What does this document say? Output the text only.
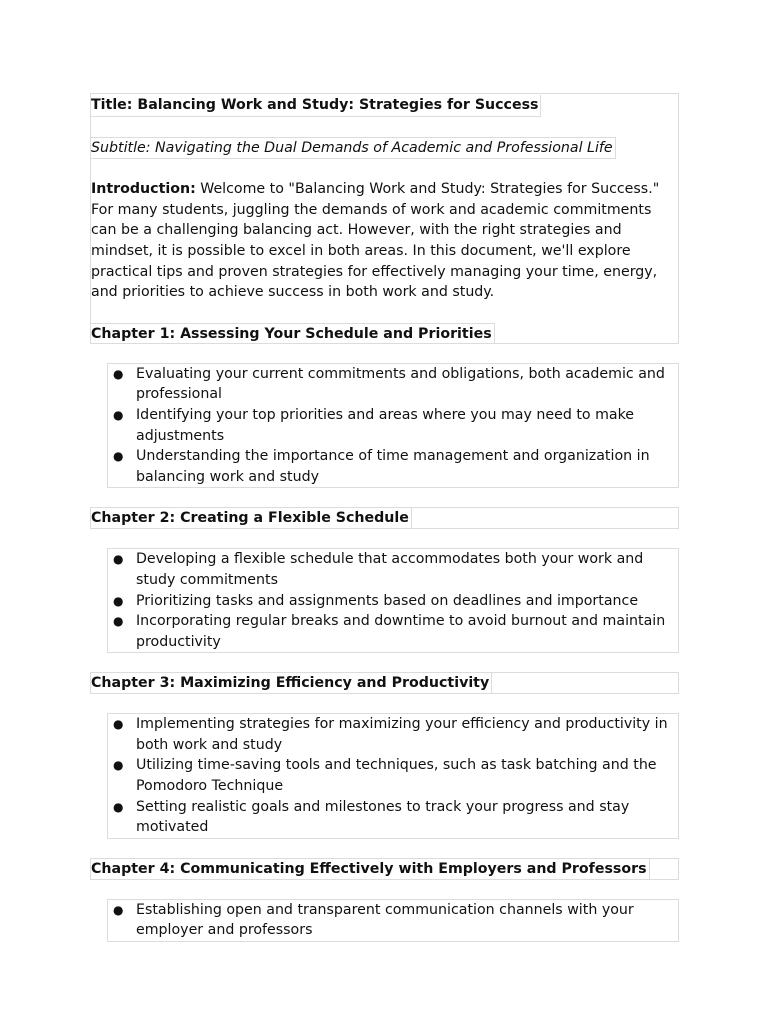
Title: Balancing Work and Study: Strategies for Success
Subtitle: Navigating the Dual Demands of Academic and Professional Life

Introduction: Welcome to "Balancing Work and Study: Strategies for Success." For many students, juggling the demands of work and academic commitments can be a challenging balancing act. However, with the right strategies and mindset, it is possible to excel in both areas. In this document, we'll explore practical tips and proven strategies for effectively managing your time, energy, and priorities to achieve success in both work and study.

Chapter 1: Assessing Your Schedule and Priorities
● Evaluating your current commitments and obligations, both academic and professional
● Identifying your top priorities and areas where you may need to make adjustments
● Understanding the importance of time management and organization in balancing work and study
Chapter 2: Creating a Flexible Schedule
● Developing a flexible schedule that accommodates both your work and study commitments
● Prioritizing tasks and assignments based on deadlines and importance
● Incorporating regular breaks and downtime to avoid burnout and maintain productivity
Chapter 3: Maximizing Efficiency and Productivity
● Implementing strategies for maximizing your efficiency and productivity in both work and study
● Utilizing time-saving tools and techniques, such as task batching and the Pomodoro Technique
● Setting realistic goals and milestones to track your progress and stay motivated
Chapter 4: Communicating Effectively with Employers and Professors
● Establishing open and transparent communication channels with your employer and professors
